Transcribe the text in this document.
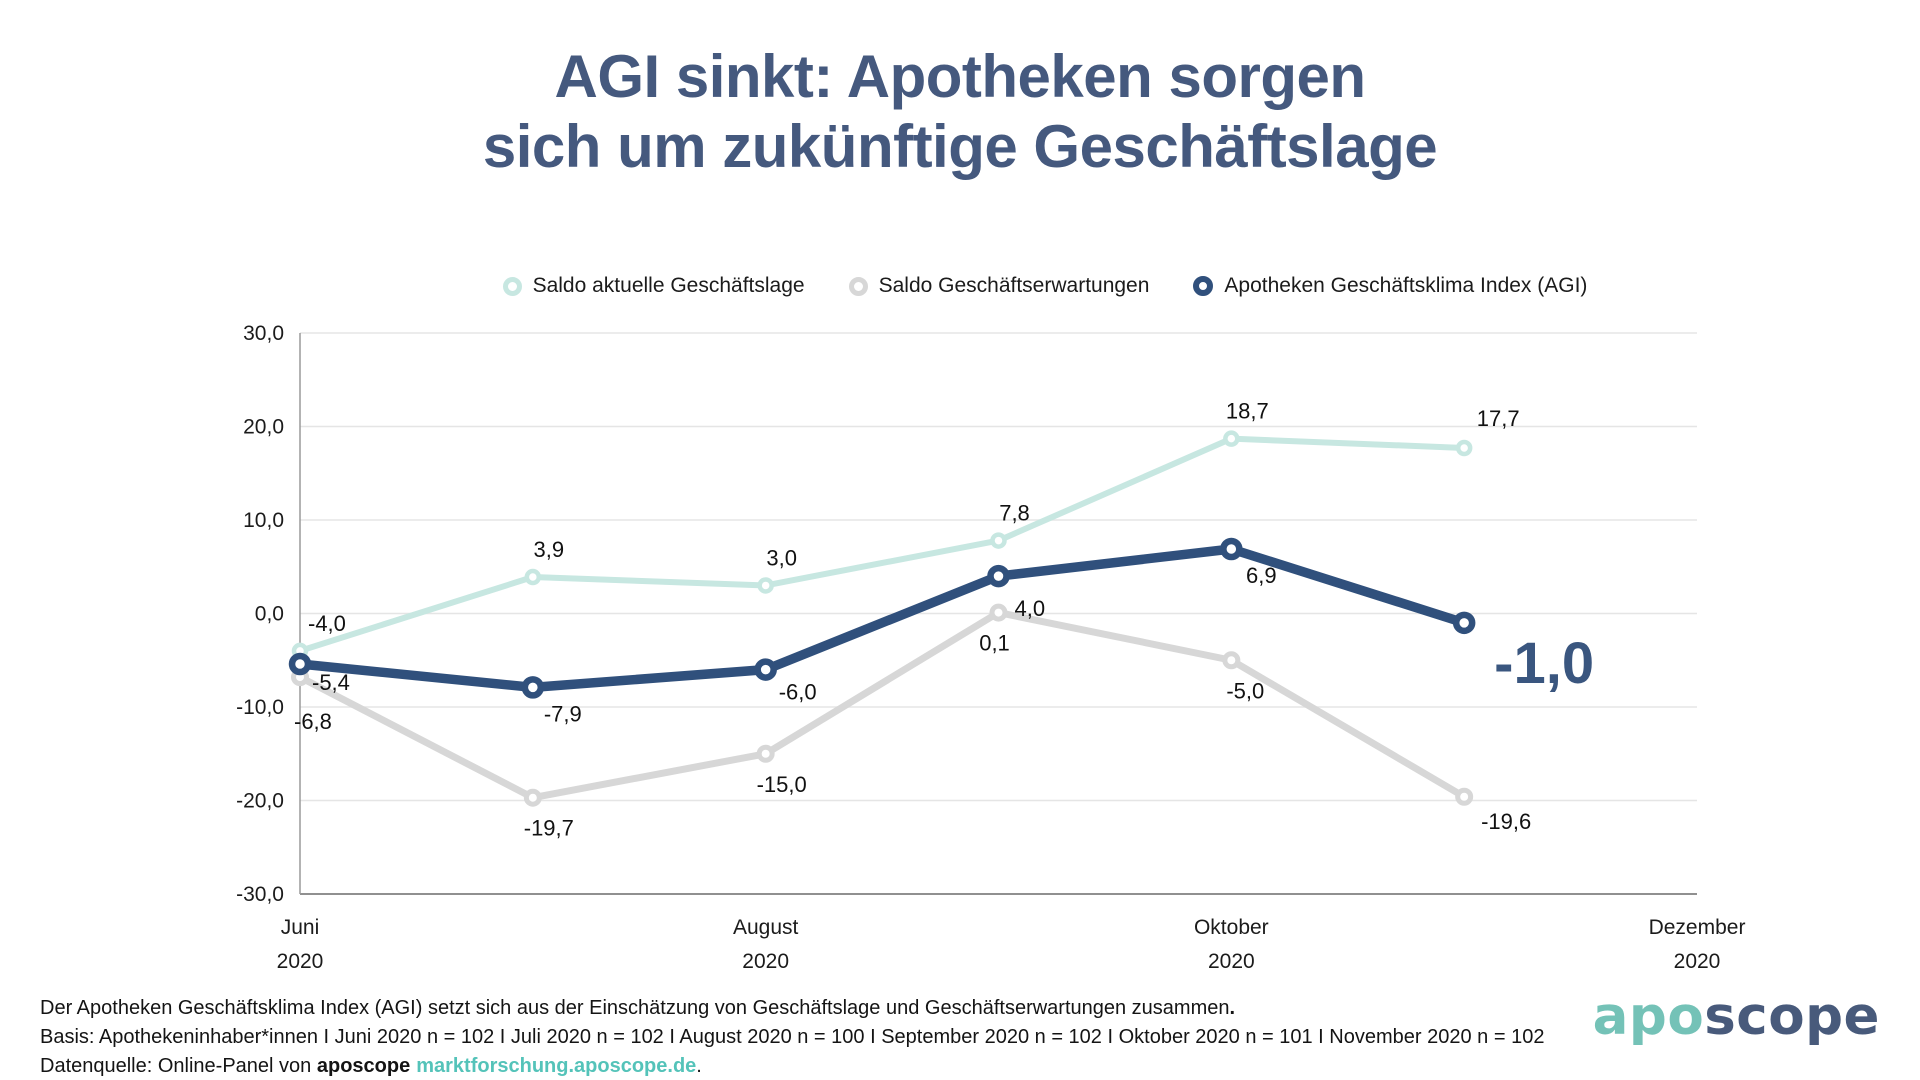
AGI sinkt: Apotheken sorgen
sich um zukünftige Geschäftslage
Saldo aktuelle Geschäftslage	Saldo Geschäftserwartungen	Apotheken Geschäftsklima Index (AGI)
30,0
20,0
10,0
0,0
-10,0
-20,0
-30,0
Juni
2020
August
2020
Oktober
2020
Dezember
2020
-4,0
3,9	3,0
7,8
18,7	17,7
-6,8
-19,7
-15,0
0,1
-5,0
-19,6
-5,4
-7,9
-6,0
4,0
6,9
-1,0
Der Apotheken Geschäftsklima Index (AGI) setzt sich aus der Einschätzung von Geschäftslage und Geschäftserwartungen zusammen.
Basis: Apothekeninhaber*innen I Juni 2020 n = 102 I Juli 2020 n = 102 I August 2020 n = 100 I September 2020 n = 102 I Oktober 2020 n = 101 I November 2020 n = 102
Datenquelle: Online-Panel von aposcope marktforschung.aposcope.de.
aposcope
